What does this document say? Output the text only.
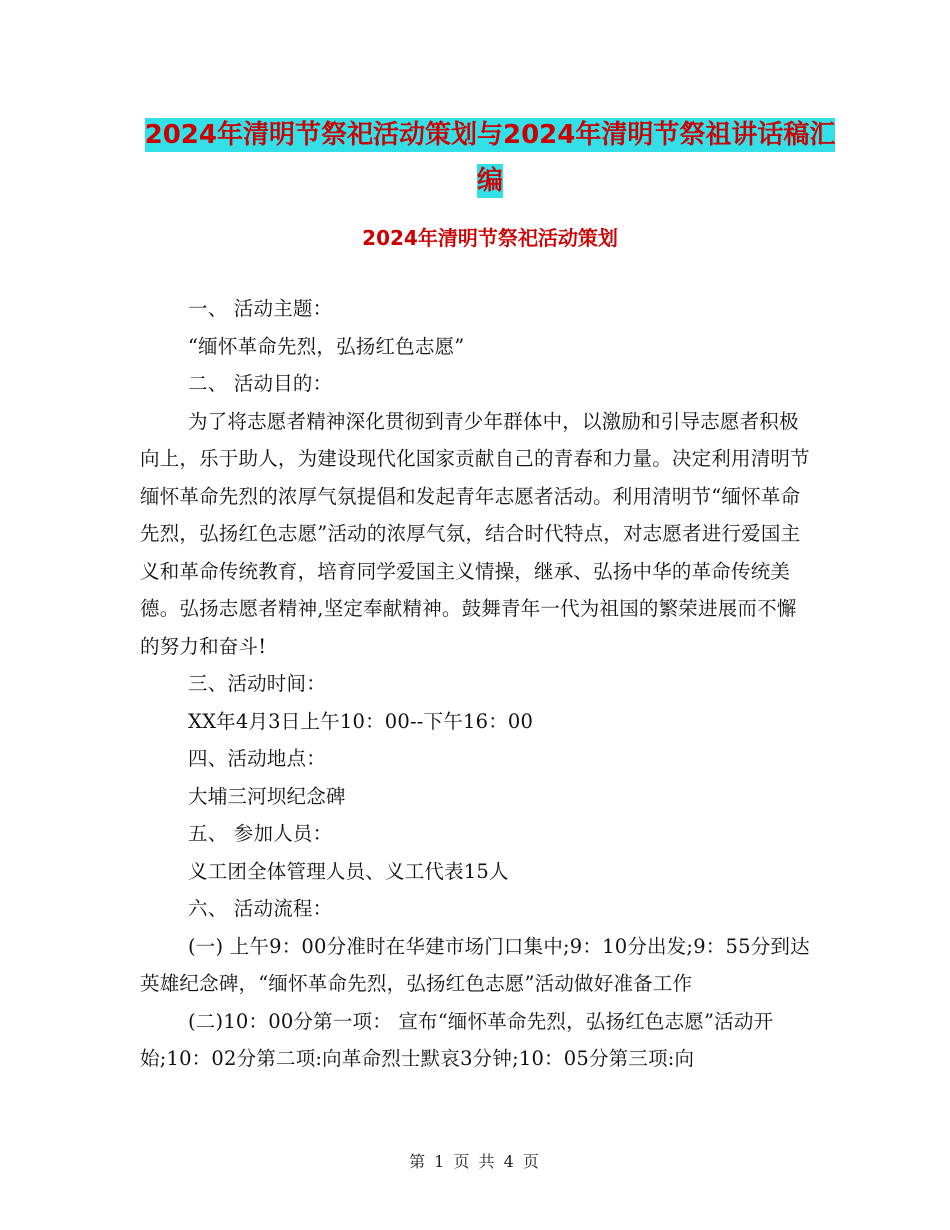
2024年清明节祭祀活动策划与2024年清明节祭祖讲话稿汇编
2024年清明节祭祀活动策划

一、 活动主题：

“缅怀革命先烈，弘扬红色志愿”

二、 活动目的：

为了将志愿者精神深化贯彻到青少年群体中，以激励和引导志愿者积极向上，乐于助人，为建设现代化国家贡献自己的青春和力量。决定利用清明节缅怀革命先烈的浓厚气氛提倡和发起青年志愿者活动。利用清明节“缅怀革命先烈，弘扬红色志愿”活动的浓厚气氛，结合时代特点，对志愿者进行爱国主义和革命传统教育，培育同学爱国主义情操，继承、弘扬中华的革命传统美德。弘扬志愿者精神,坚定奉献精神。鼓舞青年一代为祖国的繁荣进展而不懈的努力和奋斗!

三、活动时间：

XX年4月3日上午10：00--下午16：00

四、活动地点：

大埔三河坝纪念碑

五、 参加人员：

义工团全体管理人员、义工代表15人

六、 活动流程：

(一) 上午9：00分准时在华建市场门口集中;9：10分出发;9：55分到达英雄纪念碑，“缅怀革命先烈，弘扬红色志愿”活动做好准备工作

(二)10：00分第一项： 宣布“缅怀革命先烈，弘扬红色志愿”活动开始;10：02分第二项:向革命烈士默哀3分钟;10：05分第三项:向

第 1 页 共 4 页
